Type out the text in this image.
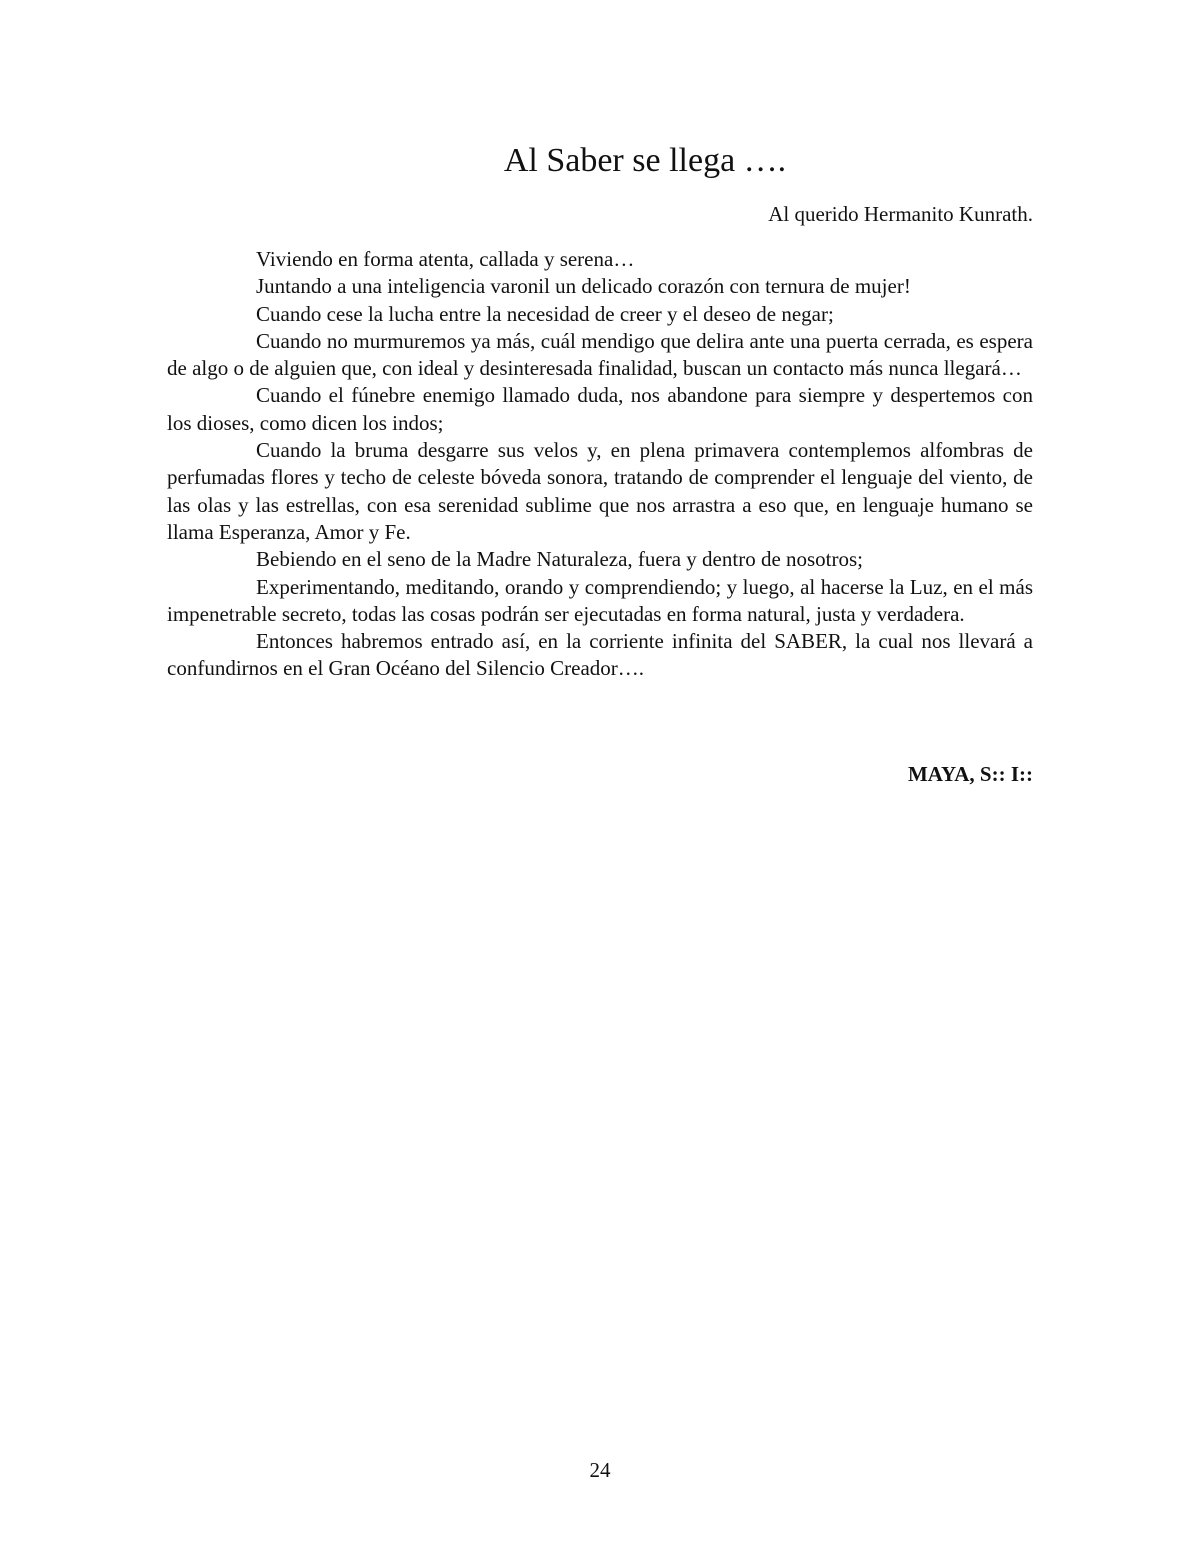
Al Saber se llega ….
Al querido Hermanito Kunrath.

Viviendo en forma atenta, callada y serena…

Juntando a una inteligencia varonil un delicado corazón con ternura de mujer!

Cuando cese la lucha entre la necesidad de creer y el deseo de negar;

Cuando no murmuremos ya más, cuál mendigo que delira ante una puerta cerrada, es espera de algo o de alguien que, con ideal y desinteresada finalidad, buscan un contacto más nunca llegará…

Cuando el fúnebre enemigo llamado duda, nos abandone para siempre y despertemos con los dioses, como dicen los indos;

Cuando la bruma desgarre sus velos y, en plena primavera contemplemos alfombras de perfumadas flores y techo de celeste bóveda sonora, tratando de comprender el lenguaje del viento, de las olas y las estrellas, con esa serenidad sublime que nos arrastra a eso que, en lenguaje humano se llama Esperanza, Amor y Fe.

Bebiendo en el seno de la Madre Naturaleza, fuera y dentro de nosotros;

Experimentando, meditando, orando y comprendiendo; y luego, al hacerse la Luz, en el más impenetrable secreto, todas las cosas podrán ser ejecutadas en forma natural, justa y verdadera.

Entonces habremos entrado así, en la corriente infinita del SABER, la cual nos llevará a confundirnos en el Gran Océano del Silencio Creador….

MAYA, S:: I::
24
